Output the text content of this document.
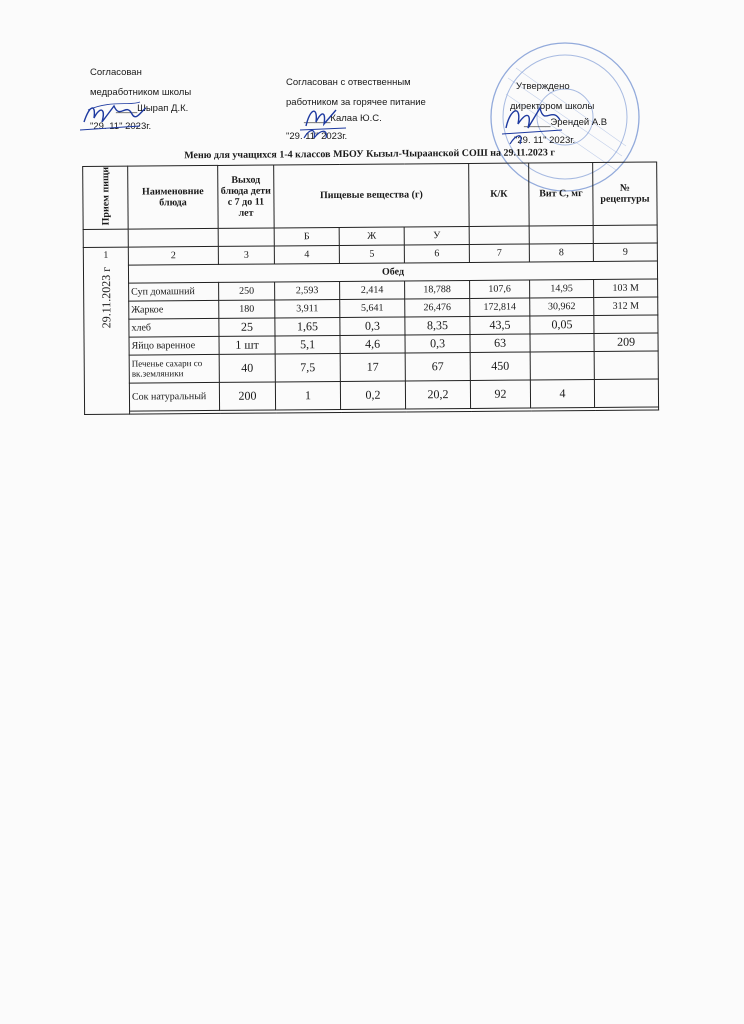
Согласован
медработником школы
____Шырап Д.К.
"29. 11" 2023г.
Согласован с отвественным
работником за горячее питание
_____Калаа Ю.С.
"29. 11" 2023г.
Утверждено
директором школы
_____Эрендей А.В
"29. 11" 2023г.
Меню для учащихся 1-4 классов МБОУ Кызыл-Чыраанской СОШ на 29.11.2023 г								
Прием пищи	Наименовние блюда	Выход блюда дети с 7 до 11 лет	Пищевые вещества (г)			К/К	Вит С, мг	№ рецептуры
			Б	Ж	У			

1
29.11.2023 г	2	3	4	5	6	7	8	9
	Обед							
	Суп домашний	250	2,593	2,414	18,788	107,6	14,95	103 М
	Жаркое	180	3,911	5,641	26,476	172,814	30,962	312 М
	хлеб	25	1,65	0,3	8,35	43,5	0,05	
	Яйцо варенное	1 шт	5,1	4,6	0,3	63		209
	Печенье сахарн со вк.земляники	40	7,5	17	67	450		
	Сок натуральный	200	1	0,2	20,2	92	4	
